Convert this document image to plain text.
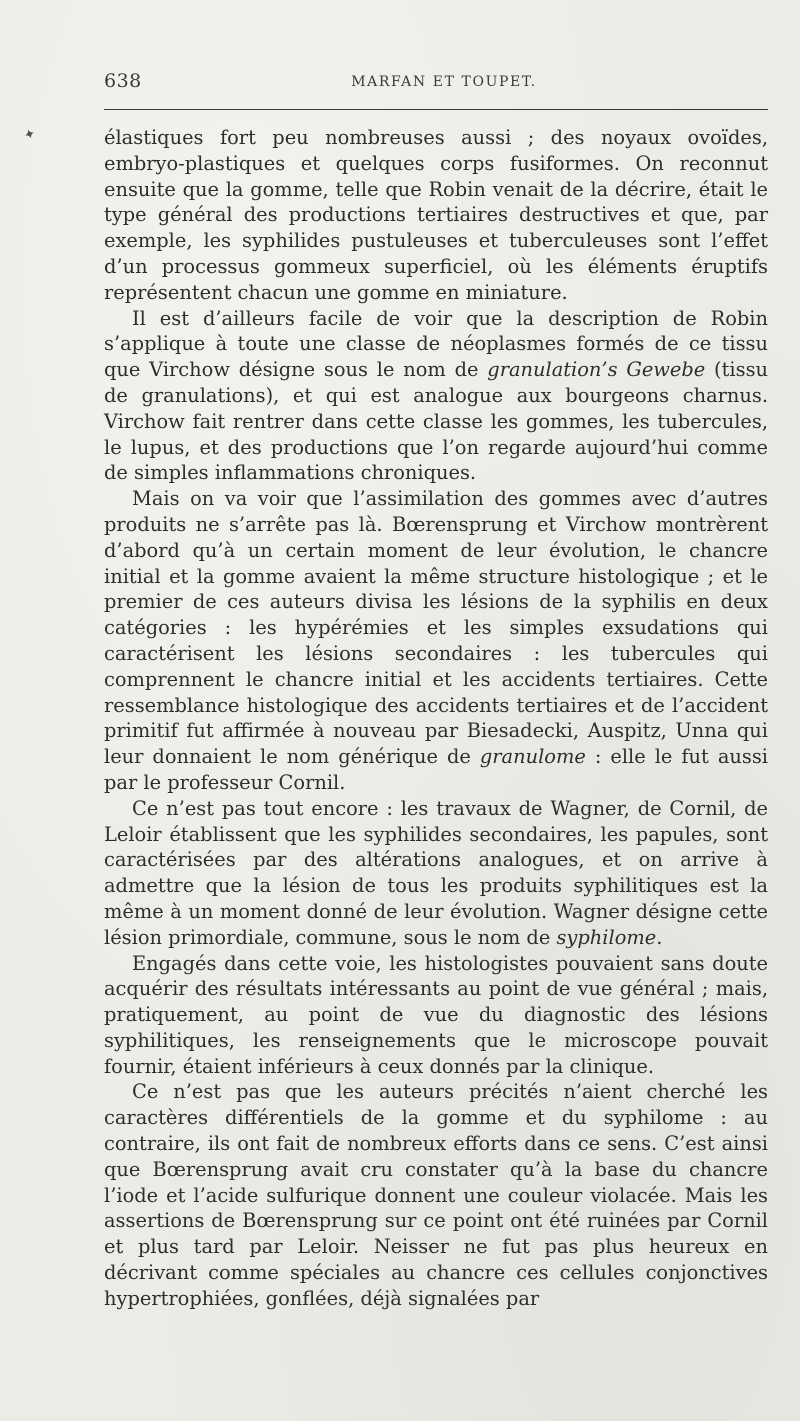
638	MARFAN ET TOUPET.
✦	élastiques fort peu nombreuses aussi ; des noyaux ovoïdes, embryo-plastiques et quelques corps fusiformes. On reconnut ensuite que la gomme, telle que Robin venait de la décrire, était le type général des productions tertiaires destructives et que, par exemple, les syphilides pustuleuses et tuberculeuses sont l’effet d’un processus gommeux superficiel, où les éléments éruptifs représentent chacun une gomme en miniature.

Il est d’ailleurs facile de voir que la description de Robin s’applique à toute une classe de néoplasmes formés de ce tissu que Virchow désigne sous le nom de granulation’s Gewebe (tissu de granulations), et qui est analogue aux bourgeons charnus. Virchow fait rentrer dans cette classe les gommes, les tubercules, le lupus, et des productions que l’on regarde aujourd’hui comme de simples inflammations chroniques.

Mais on va voir que l’assimilation des gommes avec d’autres produits ne s’arrête pas là. Bœrensprung et Virchow montrèrent d’abord qu’à un certain moment de leur évolution, le chancre initial et la gomme avaient la même structure histologique ; et le premier de ces auteurs divisa les lésions de la syphilis en deux catégories : les hypérémies et les simples exsudations qui caractérisent les lésions secondaires : les tubercules qui comprennent le chancre initial et les accidents tertiaires. Cette ressemblance histologique des accidents tertiaires et de l’accident primitif fut affirmée à nouveau par Biesadecki, Auspitz, Unna qui leur donnaient le nom générique de granulome : elle le fut aussi par le professeur Cornil.

Ce n’est pas tout encore : les travaux de Wagner, de Cornil, de Leloir établissent que les syphilides secondaires, les papules, sont caractérisées par des altérations analogues, et on arrive à admettre que la lésion de tous les produits syphilitiques est la même à un moment donné de leur évolution. Wagner désigne cette lésion primordiale, commune, sous le nom de syphilome.

Engagés dans cette voie, les histologistes pouvaient sans doute acquérir des résultats intéressants au point de vue général ; mais, pratiquement, au point de vue du diagnostic des lésions syphilitiques, les renseignements que le microscope pouvait fournir, étaient inférieurs à ceux donnés par la clinique.

Ce n’est pas que les auteurs précités n’aient cherché les caractères différentiels de la gomme et du syphilome : au contraire, ils ont fait de nombreux efforts dans ce sens. C’est ainsi que Bœrensprung avait cru constater qu’à la base du chancre l’iode et l’acide sulfurique donnent une couleur violacée. Mais les assertions de Bœrensprung sur ce point ont été ruinées par Cornil et plus tard par Leloir. Neisser ne fut pas plus heureux en décrivant comme spéciales au chancre ces cellules conjonctives hypertrophiées, gonflées, déjà signalées par
